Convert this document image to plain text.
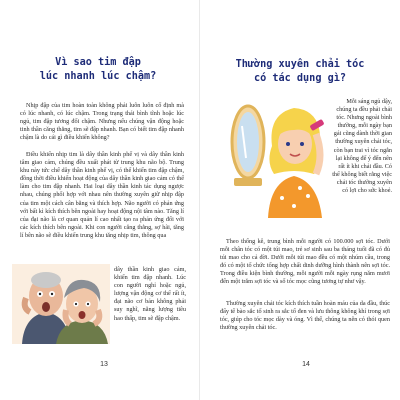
Vì sao tim đập
lúc nhanh lúc chậm?

Nhịp đập của tim hoàn toàn không phải luôn luôn cố định mà có lúc nhanh, có lúc chậm. Trong trạng thái bình tĩnh hoặc lúc ngủ, tim đập tương đối chậm. Nhưng nếu chúng vận động hoặc tinh thần căng thẳng, tim sẽ đập nhanh. Bạn có biết tim đập nhanh chậm là do cái gì điều khiển không?

Điều khiển nhịp tim là dây thần kinh phế vị và dây thần kinh tâm giao cảm, chúng đều xuất phát từ trung khu não bộ. Trung khu này tức chế dây thần kinh phế vị, có thể khiến tim đập chậm, đồng thời điều khiển hoạt động của dây thần kinh giao cảm có thể làm cho tim đập nhanh. Hai loại dây thần kinh tác dụng ngược nhau, chúng phối hợp với nhau nên thường xuyên giữ nhịp đập của tim một cách cân bằng và thích hợp. Não người có phản ứng với bất kì kích thích bên ngoài hay hoạt động nội tâm nào. Tăng lí của đại não là cơ quan quản lí cao nhất tạo ra phản ứng đối với các kích thích bên ngoài. Khi con người căng thẳng, sợ hãi, tăng lí bên não sẽ điều khiển trung khu tăng nhịp tim, thông qua

dây thần kinh giao cảm, khiến tim đập nhanh. Lúc con người nghỉ hoặc ngủ, lượng vận động cơ thể rất ít, đại não cơ bản không phải suy nghĩ, năng lượng tiêu hao thấp, tim sẽ đập chậm.

13
Thường xuyên chải tóc
có tác dụng gì?

Mỗi sáng ngủ dậy, chúng ta đều phải chải tóc. Nhưng ngoài bình thường, mỗi ngày bạn gái cũng dành thời gian thường xuyên chải tóc, còn bạn trai vì tóc ngắn lại không để ý đến nên rất ít khi chải đầu. Có thể không biết rằng việc chải tóc thường xuyên có lợi cho sức khoẻ.

Theo thống kê, trung bình mỗi người có 100.000 sợi tóc. Dưới mỗi chân tóc có một túi mao, trẻ sơ sinh sau ba tháng tuổi đã có đủ túi mao cho cả đời. Dưới mỗi túi mao đều có một nhúm cầu, trong đó có một tổ chức tổng hợp chất dinh dưỡng hình thành nên sợi tóc. Trong điều kiện bình thường, mỗi người mỗi ngày rụng năm mươi đến một trăm sợi tóc và số tóc mọc cũng tương tự như vậy.

Thường xuyên chải tóc kích thích tuần hoàn máu của da đầu, thúc đẩy tế bào sắc tố sinh ra sắc tố đen và lưu thông không khí trong sợi tóc, giúp cho tóc mọc dày và óng. Vì thế, chúng ta nên có thói quen thường xuyên chải tóc.

14
